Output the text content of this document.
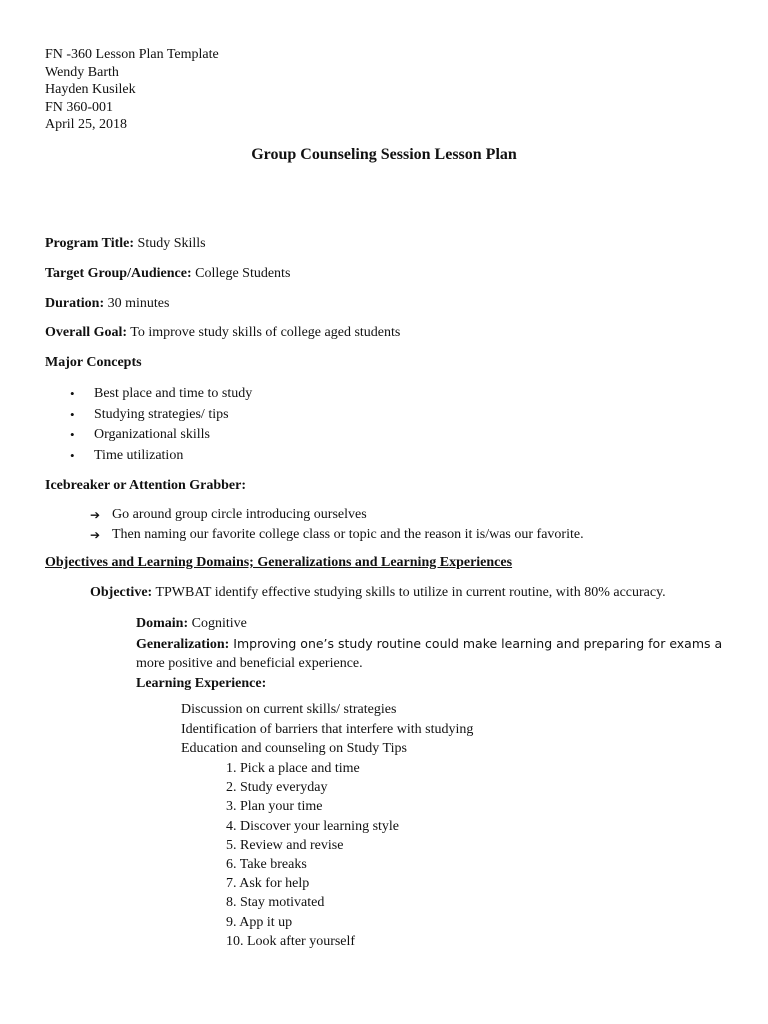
FN -360 Lesson Plan Template
Wendy Barth
Hayden Kusilek
FN 360-001
April 25, 2018
Group Counseling Session Lesson Plan
Program Title: Study Skills
Target Group/Audience: College Students
Duration: 30 minutes
Overall Goal: To improve study skills of college aged students
Major Concepts
•	Best place and time to study
•	Studying strategies/ tips
•	Organizational skills
•	Time utilization
Icebreaker or Attention Grabber:
➔ Go around group circle introducing ourselves
➔ Then naming our favorite college class or topic and the reason it is/was our favorite.
Objectives and Learning Domains; Generalizations and Learning Experiences
Objective: TPWBAT identify effective studying skills to utilize in current routine, with 80% accuracy.
Domain: Cognitive
Generalization: Improving one’s study routine could make learning and preparing for exams a
more positive and beneficial experience.
Learning Experience:
Discussion on current skills/ strategies
Identification of barriers that interfere with studying
Education and counseling on Study Tips
1. Pick a place and time
2. Study everyday
3. Plan your time
4. Discover your learning style
5. Review and revise
6. Take breaks
7. Ask for help
8. Stay motivated
9. App it up
10. Look after yourself
